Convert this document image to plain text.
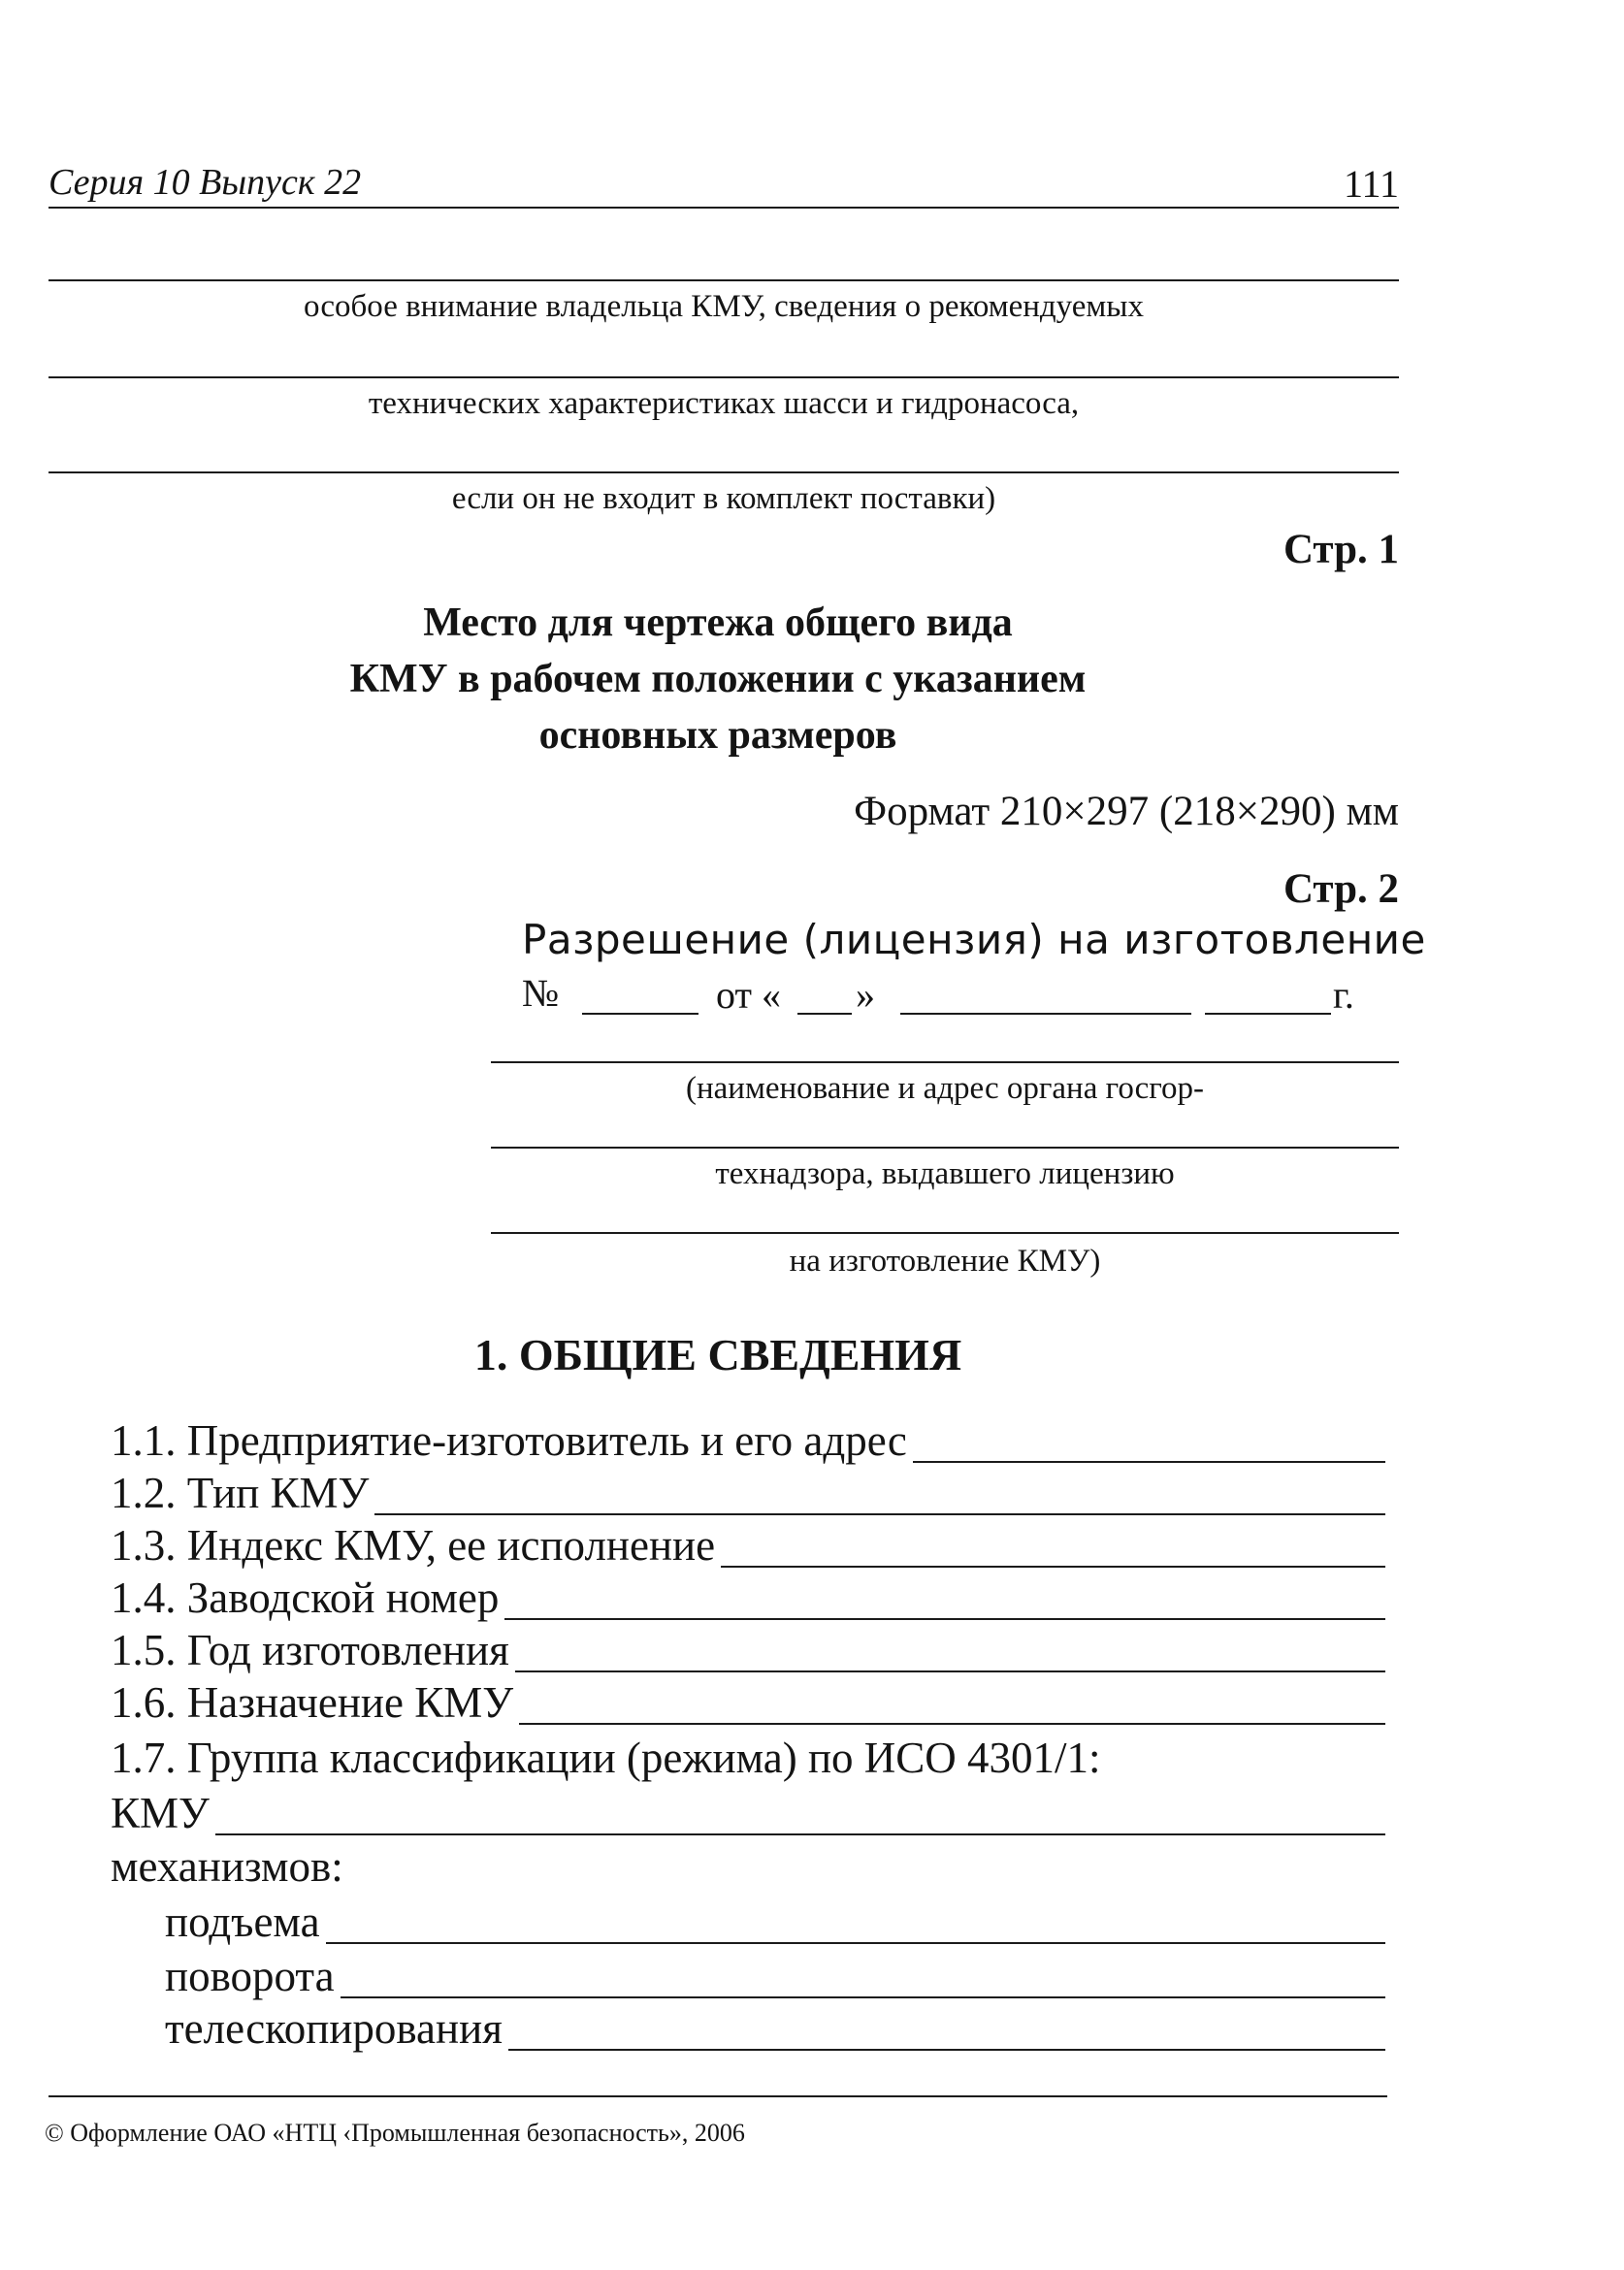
Серия 10 Выпуск 22	111
особое внимание владельца КМУ, сведения о рекомендуемых
технических характеристиках шасси и гидронасоса,
если он не входит в комплект поставки)
Стр. 1
Место для чертежа общего вида
КМУ в рабочем положении с указанием
основных размеров
Формат 210×297 (218×290) мм
Стр. 2
Разрешение (лицензия) на изготовление
№	от « »	г.
(наименование и адрес органа госгор-
технадзора, выдавшего лицензию
на изготовление КМУ)
1. ОБЩИЕ СВЕДЕНИЯ
1.1. Предприятие-изготовитель и его адрес
1.2. Тип КМУ
1.3. Индекс КМУ, ее исполнение
1.4. Заводской номер
1.5. Год изготовления
1.6. Назначение КМУ
1.7. Группа классификации (режима) по ИСО 4301/1:
КМУ
механизмов:
подъема
поворота
телескопирования
© Оформление ОАО «НТЦ ‹Промышленная безопасность», 2006
